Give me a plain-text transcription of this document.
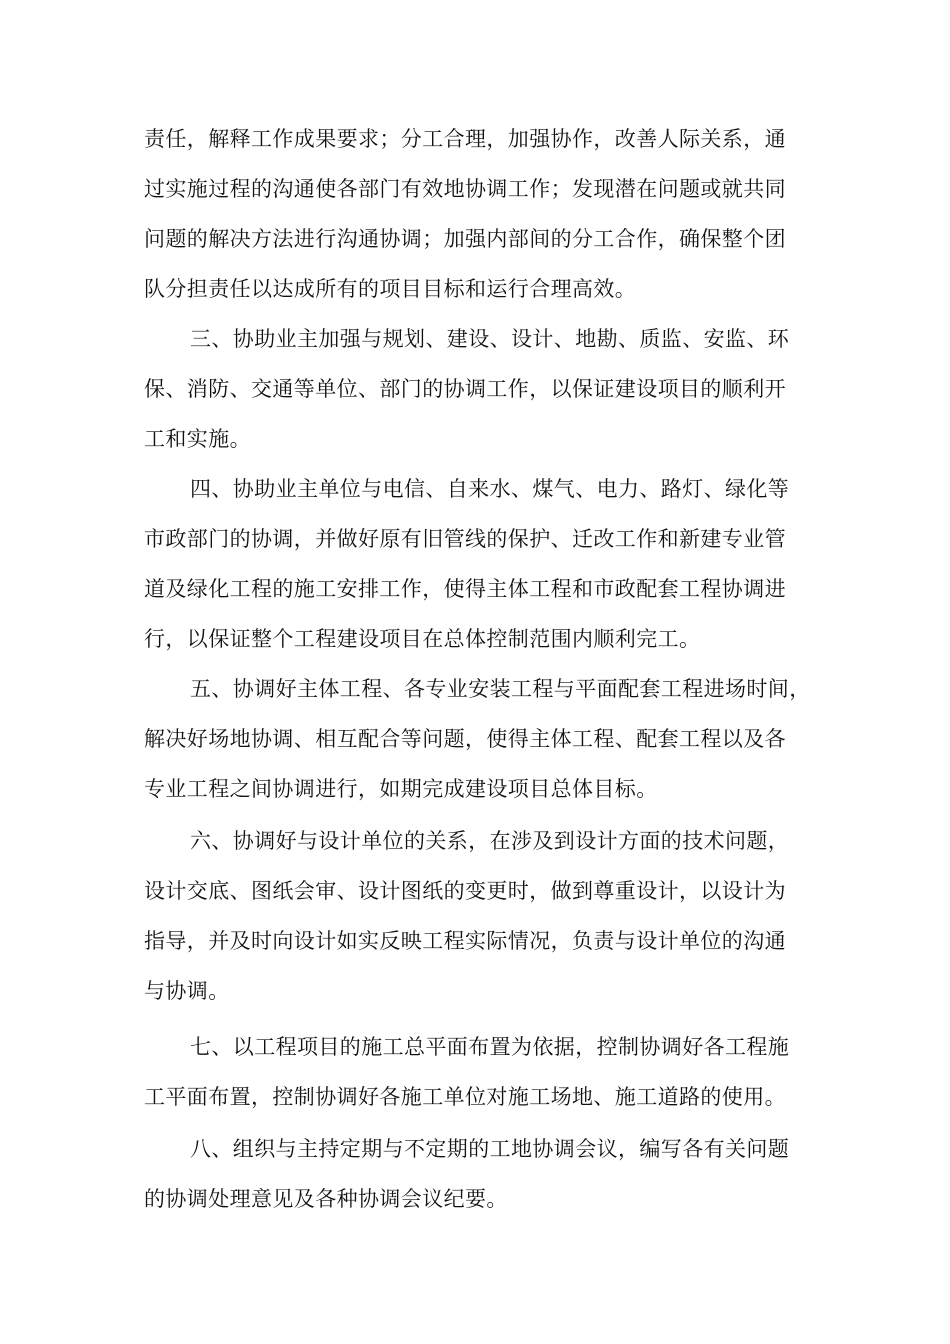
责任，解释工作成果要求；分工合理，加强协作，改善人际关系，通
过实施过程的沟通使各部门有效地协调工作；发现潜在问题或就共同
问题的解决方法进行沟通协调；加强内部间的分工合作，确保整个团
队分担责任以达成所有的项目目标和运行合理高效。
三、协助业主加强与规划、建设、设计、地勘、质监、安监、环
保、消防、交通等单位、部门的协调工作，以保证建设项目的顺利开
工和实施。
四、协助业主单位与电信、自来水、煤气、电力、路灯、绿化等
市政部门的协调，并做好原有旧管线的保护、迁改工作和新建专业管
道及绿化工程的施工安排工作，使得主体工程和市政配套工程协调进
行，以保证整个工程建设项目在总体控制范围内顺利完工。
五、协调好主体工程、各专业安装工程与平面配套工程进场时间，
解决好场地协调、相互配合等问题，使得主体工程、配套工程以及各
专业工程之间协调进行，如期完成建设项目总体目标。
六、协调好与设计单位的关系，在涉及到设计方面的技术问题，
设计交底、图纸会审、设计图纸的变更时，做到尊重设计，以设计为
指导，并及时向设计如实反映工程实际情况，负责与设计单位的沟通
与协调。
七、以工程项目的施工总平面布置为依据，控制协调好各工程施
工平面布置，控制协调好各施工单位对施工场地、施工道路的使用。
八、组织与主持定期与不定期的工地协调会议，编写各有关问题
的协调处理意见及各种协调会议纪要。
